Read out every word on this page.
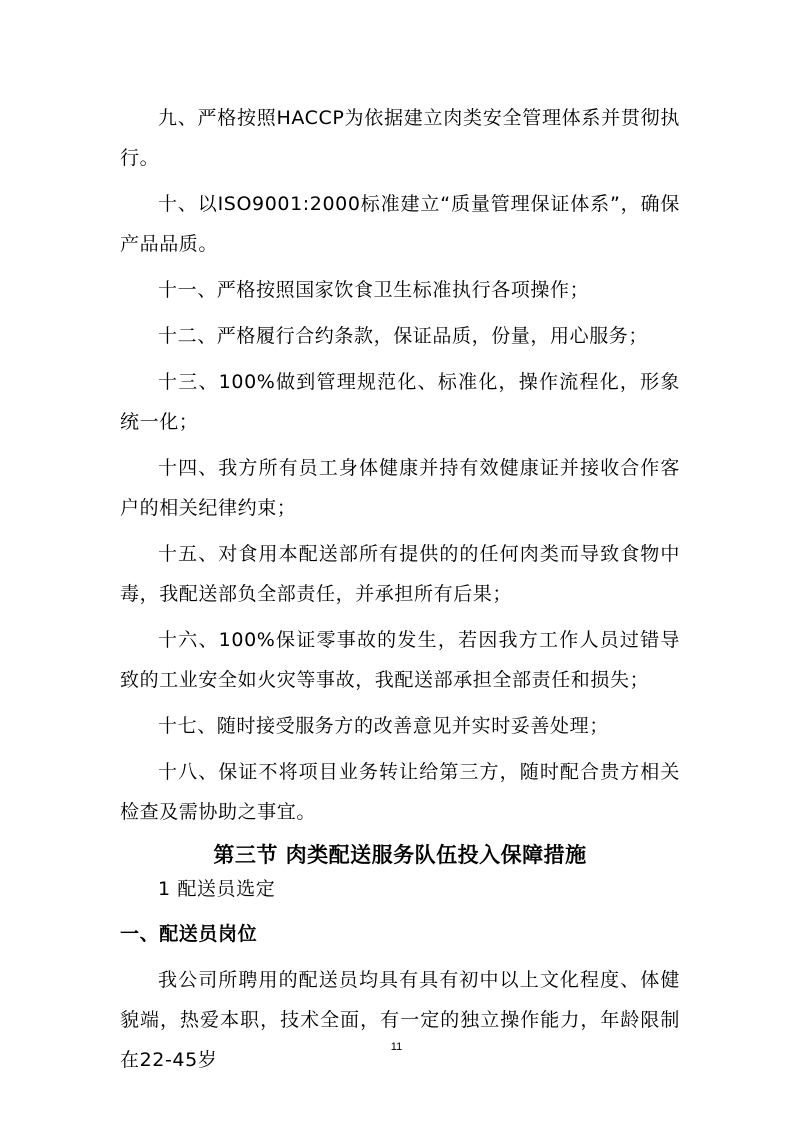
九、严格按照HACCP为依据建立肉类安全管理体系并贯彻执行。

十、以ISO9001:2000标准建立“质量管理保证体系”，确保产品品质。

十一、严格按照国家饮食卫生标准执行各项操作；

十二、严格履行合约条款，保证品质，份量，用心服务；

十三、100%做到管理规范化、标准化，操作流程化，形象统一化；

十四、我方所有员工身体健康并持有效健康证并接收合作客户的相关纪律约束；

十五、对食用本配送部所有提供的的任何肉类而导致食物中毒，我配送部负全部责任，并承担所有后果；

十六、100%保证零事故的发生，若因我方工作人员过错导致的工业安全如火灾等事故，我配送部承担全部责任和损失；

十七、随时接受服务方的改善意见并实时妥善处理；

十八、保证不将项目业务转让给第三方，随时配合贵方相关检查及需协助之事宜。

第三节 肉类配送服务队伍投入保障措施

1 配送员选定

一、配送员岗位

我公司所聘用的配送员均具有具有初中以上文化程度、体健貌端，热爱本职，技术全面，有一定的独立操作能力，年龄限制在22-45岁

11
